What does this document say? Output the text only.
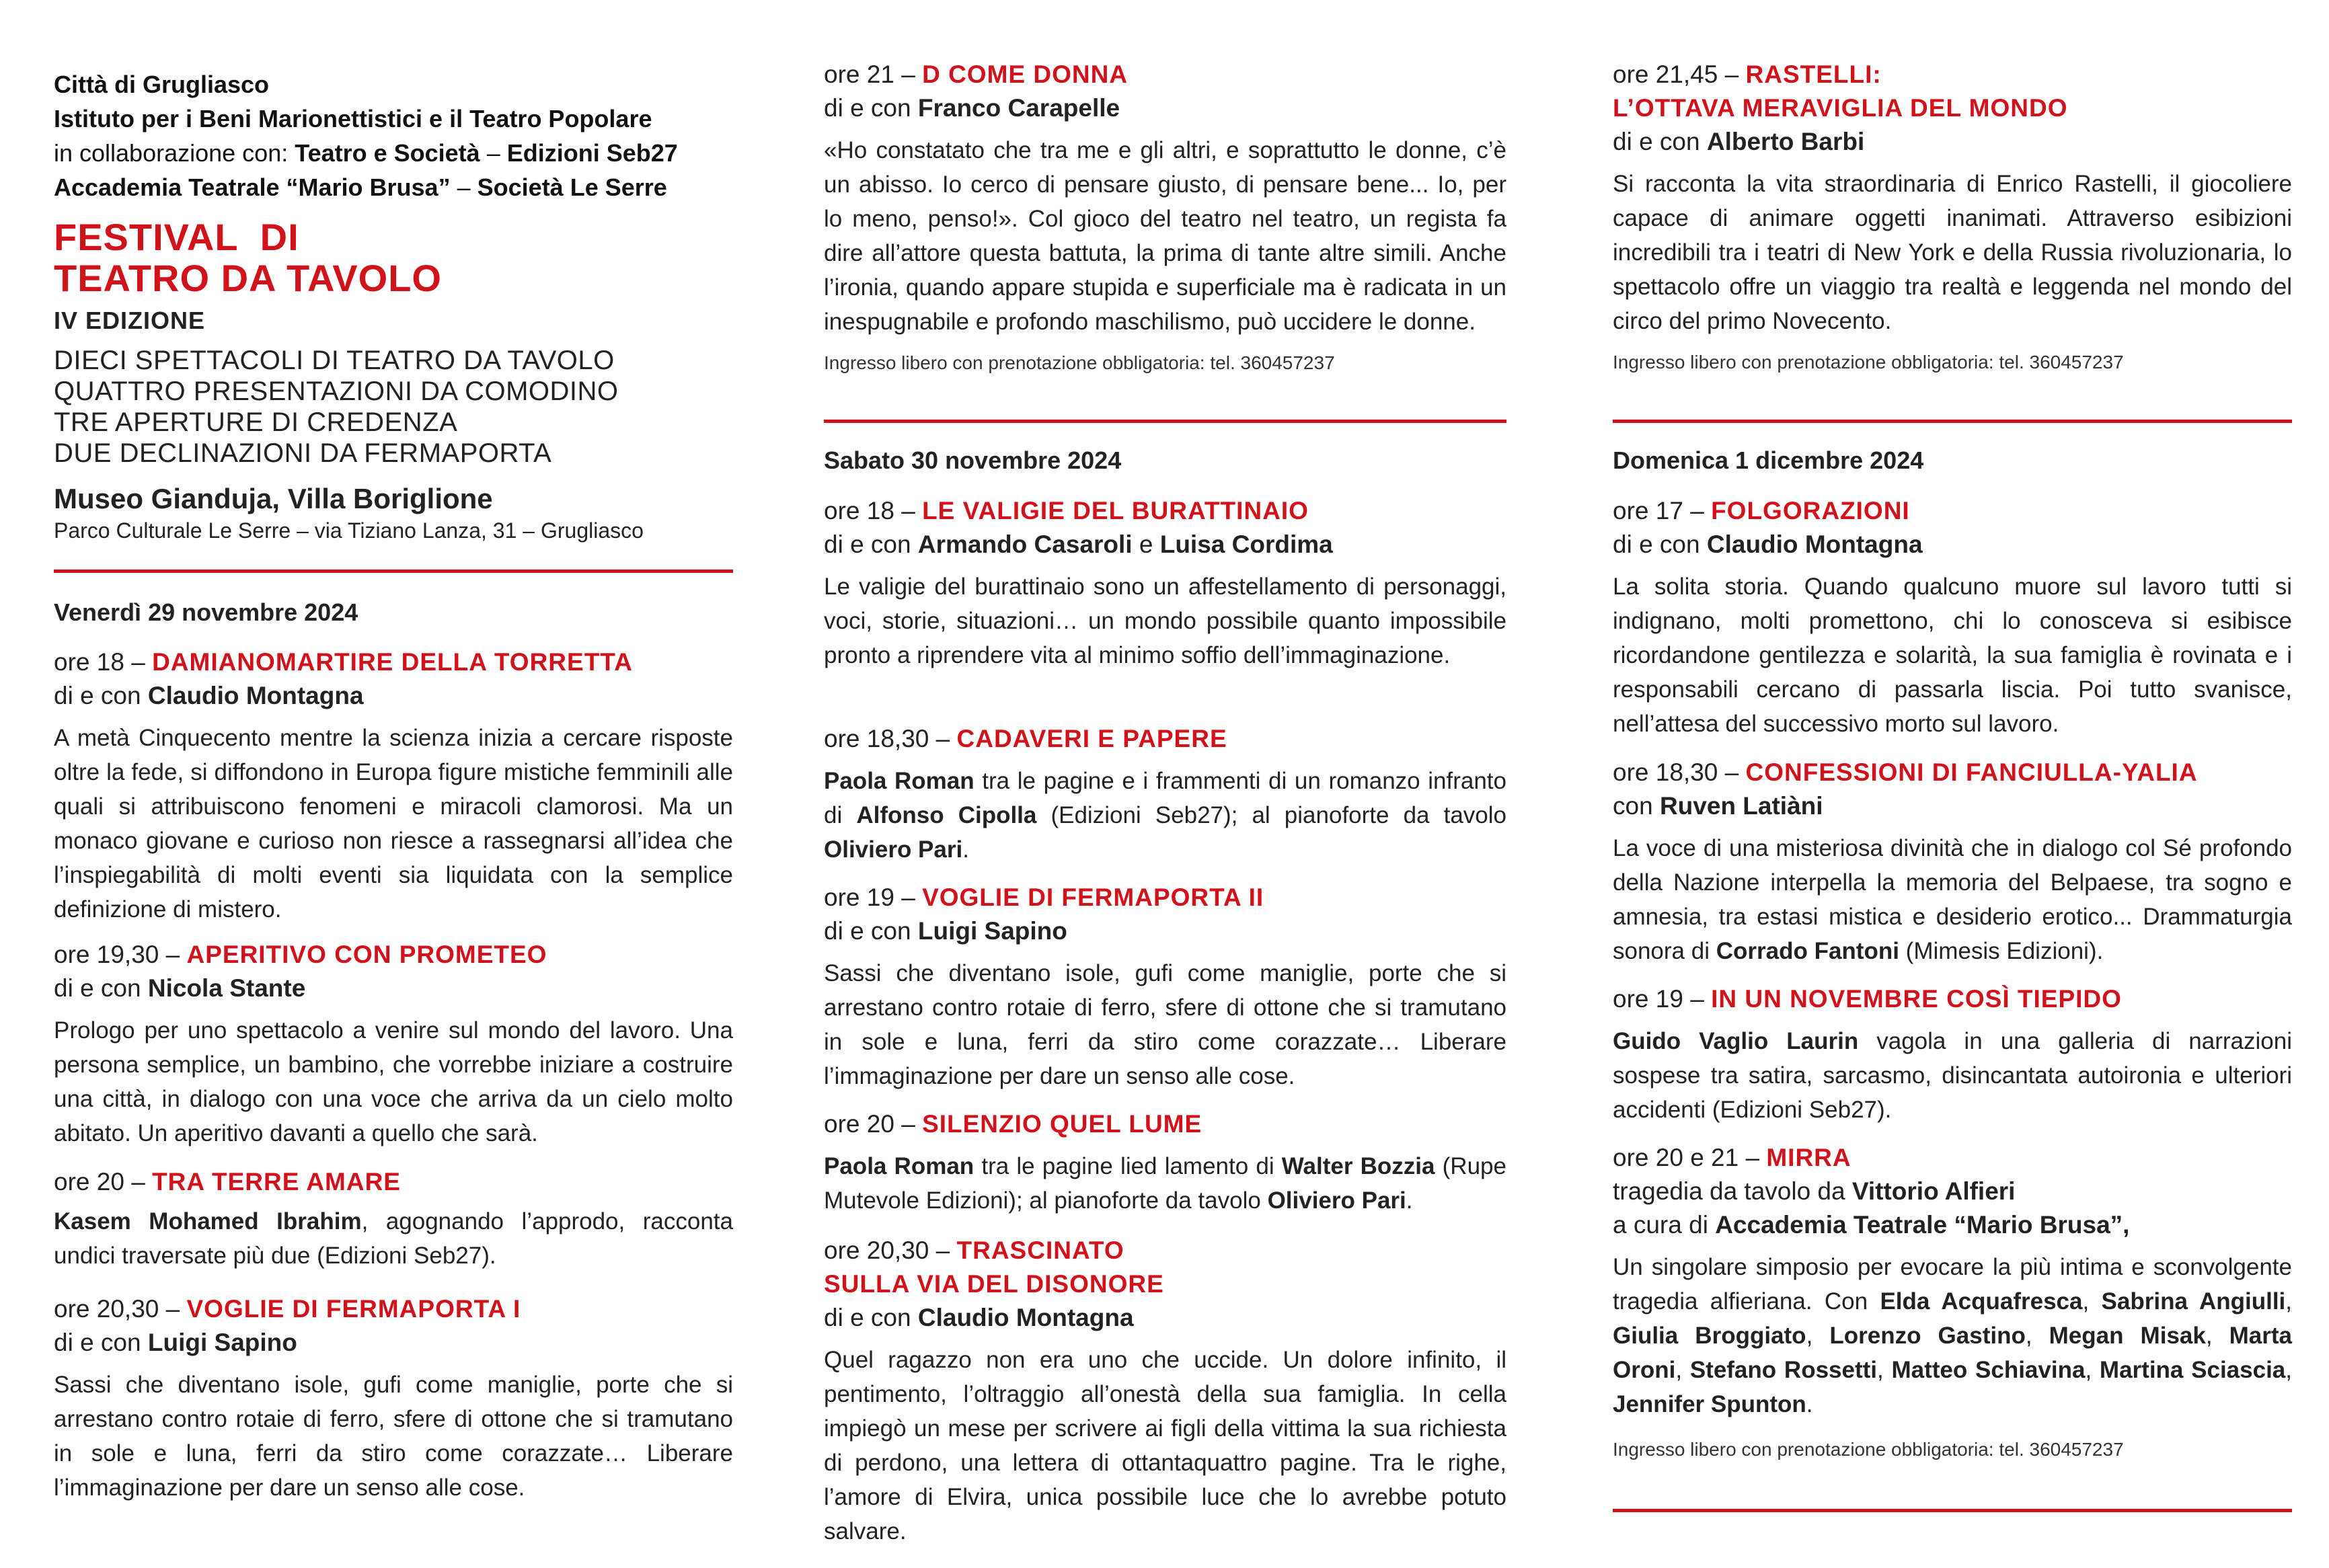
Città di Grugliasco
Istituto per i Beni Marionettistici e il Teatro Popolare
in collaborazione con: Teatro e Società – Edizioni Seb27
Accademia Teatrale “Mario Brusa” – Società Le Serre
FESTIVAL  DI
TEATRO DA TAVOLO
IV EDIZIONE
DIECI SPETTACOLI DI TEATRO DA TAVOLO
QUATTRO PRESENTAZIONI DA COMODINO
TRE APERTURE DI CREDENZA
DUE DECLINAZIONI DA FERMAPORTA
Museo Gianduja, Villa Boriglione
Parco Culturale Le Serre – via Tiziano Lanza, 31 – Grugliasco
Venerdì 29 novembre 2024
ore 18 – DAMIANOMARTIRE DELLA TORRETTA
di e con Claudio Montagna
A metà Cinquecento mentre la scienza inizia a cercare risposte oltre la fede, si diffondono in Europa figure mistiche femminili alle quali si attribuiscono fenomeni e miracoli clamorosi. Ma un monaco giovane e curioso non riesce a rassegnarsi all’idea che l’inspiegabilità di molti eventi sia liquidata con la semplice definizione di mistero.
ore 19,30 – APERITIVO CON PROMETEO
di e con Nicola Stante
Prologo per uno spettacolo a venire sul mondo del lavoro. Una persona semplice, un bambino, che vorrebbe iniziare a costruire una città, in dialogo con una voce che arriva da un cielo molto abitato. Un aperitivo davanti a quello che sarà.
ore 20 – TRA TERRE AMARE
Kasem Mohamed Ibrahim, agognando l’approdo, racconta undici traversate più due (Edizioni Seb27).
ore 20,30 – VOGLIE DI FERMAPORTA I
di e con Luigi Sapino
Sassi che diventano isole, gufi come maniglie, porte che si arrestano contro rotaie di ferro, sfere di ottone che si tramutano in sole e luna, ferri da stiro come corazzate… Liberare l’immaginazione per dare un senso alle cose.
ore 21 – D COME DONNA
di e con Franco Carapelle
«Ho constatato che tra me e gli altri, e soprattutto le donne, c’è un abisso. Io cerco di pensare giusto, di pensare bene... Io, per lo meno, penso!». Col gioco del teatro nel teatro, un regista fa dire all’attore questa battuta, la prima di tante altre simili. Anche l’ironia, quando appare stupida e superficiale ma è radicata in un inespugnabile e profondo maschilismo, può uccidere le donne.
Ingresso libero con prenotazione obbligatoria: tel. 360457237
Sabato 30 novembre 2024
ore 18 – LE VALIGIE DEL BURATTINAIO
di e con Armando Casaroli e Luisa Cordima
Le valigie del burattinaio sono un affestellamento di personaggi, voci, storie, situazioni… un mondo possibile quanto impossibile pronto a riprendere vita al minimo soffio dell’immaginazione.
ore 18,30 – CADAVERI E PAPERE
Paola Roman tra le pagine e i frammenti di un romanzo infranto di Alfonso Cipolla (Edizioni Seb27); al pianoforte da tavolo Oliviero Pari.
ore 19 – VOGLIE DI FERMAPORTA II
di e con Luigi Sapino
Sassi che diventano isole, gufi come maniglie, porte che si arrestano contro rotaie di ferro, sfere di ottone che si tramutano in sole e luna, ferri da stiro come corazzate… Liberare l’immaginazione per dare un senso alle cose.
ore 20 – SILENZIO QUEL LUME
Paola Roman tra le pagine lied lamento di Walter Bozzia (Rupe Mutevole Edizioni); al pianoforte da tavolo Oliviero Pari.
ore 20,30 – TRASCINATO
SULLA VIA DEL DISONORE
di e con Claudio Montagna
Quel ragazzo non era uno che uccide. Un dolore infinito, il pentimento, l’oltraggio all’onestà della sua famiglia. In cella impiegò un mese per scrivere ai figli della vittima la sua richiesta di perdono, una lettera di ottantaquattro pagine. Tra le righe, l’amore di Elvira, unica possibile luce che lo avrebbe potuto salvare.
ore 21,45 – RASTELLI:
L’OTTAVA MERAVIGLIA DEL MONDO
di e con Alberto Barbi
Si racconta la vita straordinaria di Enrico Rastelli, il giocoliere capace di animare oggetti inanimati. Attraverso esibizioni incredibili tra i teatri di New York e della Russia rivoluzionaria, lo spettacolo offre un viaggio tra realtà e leggenda nel mondo del circo del primo Novecento.
Ingresso libero con prenotazione obbligatoria: tel. 360457237
Domenica 1 dicembre 2024
ore 17 – FOLGORAZIONI
di e con Claudio Montagna
La solita storia. Quando qualcuno muore sul lavoro tutti si indignano, molti promettono, chi lo conosceva si esibisce ricordandone gentilezza e solarità, la sua famiglia è rovinata e i responsabili cercano di passarla liscia. Poi tutto svanisce, nell’attesa del successivo morto sul lavoro.
ore 18,30 – CONFESSIONI DI FANCIULLA-YALIA
con Ruven Latiàni
La voce di una misteriosa divinità che in dialogo col Sé profondo della Nazione interpella la memoria del Belpaese, tra sogno e amnesia, tra estasi mistica e desiderio erotico... Drammaturgia sonora di Corrado Fantoni (Mimesis Edizioni).
ore 19 – IN UN NOVEMBRE COSÌ TIEPIDO
Guido Vaglio Laurin vagola in una galleria di narrazioni sospese tra satira, sarcasmo, disincantata autoironia e ulteriori accidenti (Edizioni Seb27).
ore 20 e 21 – MIRRA
tragedia da tavolo da Vittorio Alfieri
a cura di Accademia Teatrale “Mario Brusa”,
Un singolare simposio per evocare la più intima e sconvolgente tragedia alfieriana. Con Elda Acquafresca, Sabrina Angiulli, Giulia Broggiato, Lorenzo Gastino, Megan Misak, Marta Oroni, Stefano Rossetti, Matteo Schiavina, Martina Sciascia, Jennifer Spunton.
Ingresso libero con prenotazione obbligatoria: tel. 360457237
